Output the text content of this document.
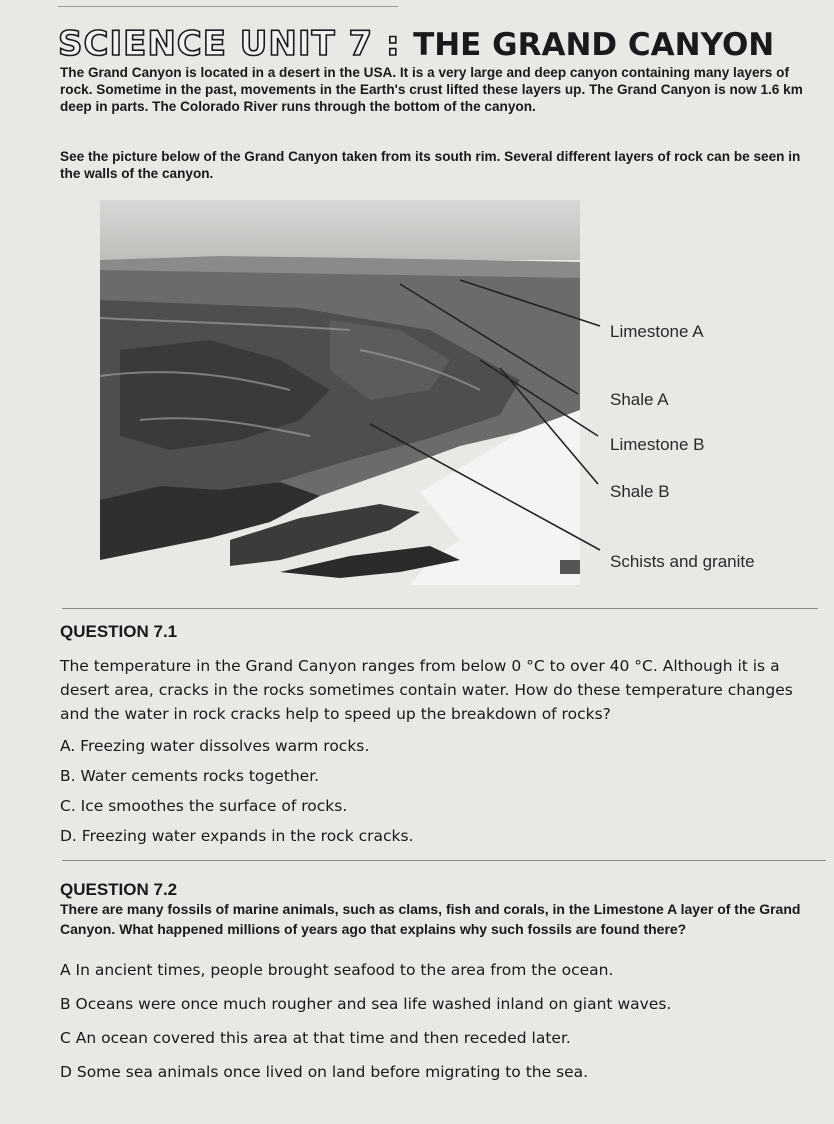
SCIENCE UNIT 7 : THE GRAND CANYON

The Grand Canyon is located in a desert in the USA. It is a very large and deep canyon containing many layers of rock. Sometime in the past, movements in the Earth's crust lifted these layers up. The Grand Canyon is now 1.6 km deep in parts. The Colorado River runs through the bottom of the canyon.

See the picture below of the Grand Canyon taken from its south rim. Several different layers of rock can be seen in the walls of the canyon.

Limestone A
Shale A
Limestone B
Shale B
Schists and granite
QUESTION 7.1

The temperature in the Grand Canyon ranges from below 0 °C to over 40 °C. Although it is a desert area, cracks in the rocks sometimes contain water. How do these temperature changes and the water in rock cracks help to speed up the breakdown of rocks?

A. Freezing water dissolves warm rocks.

B. Water cements rocks together.

C. Ice smoothes the surface of rocks.

D. Freezing water expands in the rock cracks.

QUESTION 7.2

There are many fossils of marine animals, such as clams, fish and corals, in the Limestone A layer of the Grand Canyon. What happened millions of years ago that explains why such fossils are found there?

A In ancient times, people brought seafood to the area from the ocean.

B Oceans were once much rougher and sea life washed inland on giant waves.

C An ocean covered this area at that time and then receded later.

D Some sea animals once lived on land before migrating to the sea.
